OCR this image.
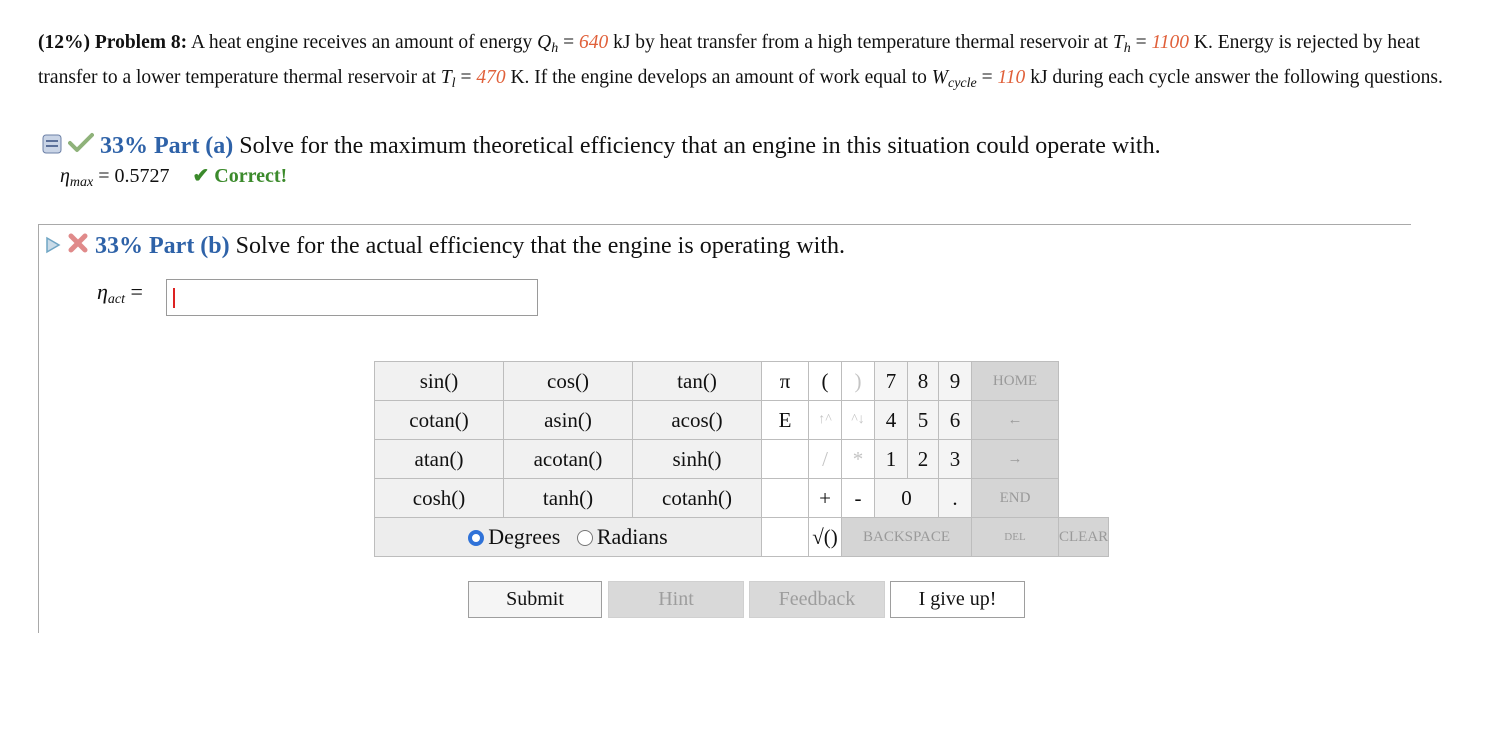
(12%) Problem 8: A heat engine receives an amount of energy $Q_h = 640$ kJ by heat transfer from a high temperature thermal reservoir at $T_h = 1100$ K. Energy is rejected by heat transfer to a lower temperature thermal reservoir at $T_l = 470$ K. If the engine develops an amount of work equal to $W_{cycle} = 110$ kJ during each cycle answer the following questions.
33% Part (a) Solve for the maximum theoretical efficiency that an engine in this situation could operate with.
$\eta_{max} = 0.5727$ ✔ Correct!
33% Part (b) Solve for the actual efficiency that the engine is operating with.
$\eta_{act}$ =
sin()	cos()	tan()	π	(	)	7	8	9	HOME	
cotan()	asin()	acos()	E	↑^	^↓	4	5	6	←	
atan()	acotan()	sinh()		/	*	1	2	3	→	
cosh()	tanh()	cotanh()		+	-	0		.	END	
Degrees Radians				√()	BACKSPACE				DEL	CLEAR
Submit	Hint	Feedback	I give up!
